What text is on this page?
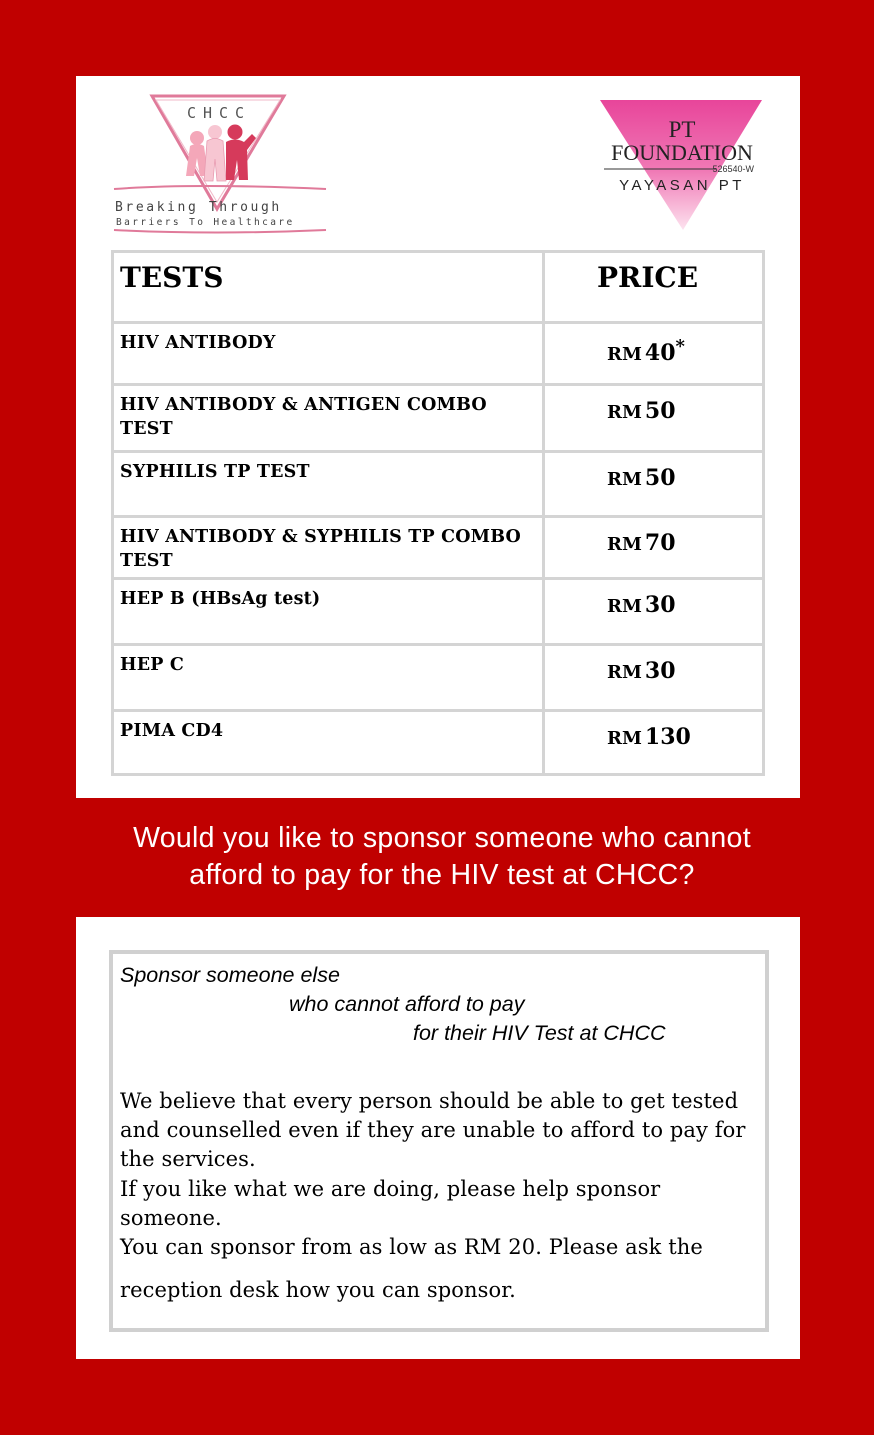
CHCC
Breaking Through
Barriers To Healthcare
PT
FOUNDATION
526540-W
YAYASAN PT
TESTS	PRICE
HIV ANTIBODY	RM 40*
HIV ANTIBODY & ANTIGEN COMBO TEST	RM 50
SYPHILIS TP TEST	RM 50
HIV ANTIBODY & SYPHILIS TP COMBO TEST	RM 70
HEP B (HBsAg test)	RM 30
HEP C	RM 30
PIMA CD4	RM 130
Would you like to sponsor someone who cannot
afford to pay for the HIV test at CHCC?
Sponsor someone else
who cannot afford to pay
for their HIV Test at CHCC

We believe that every person should be able to get tested and counselled even if they are unable to afford to pay for the services.

If you like what we are doing, please help sponsor someone.

You can sponsor from as low as RM 20. Please ask the

reception desk how you can sponsor.
